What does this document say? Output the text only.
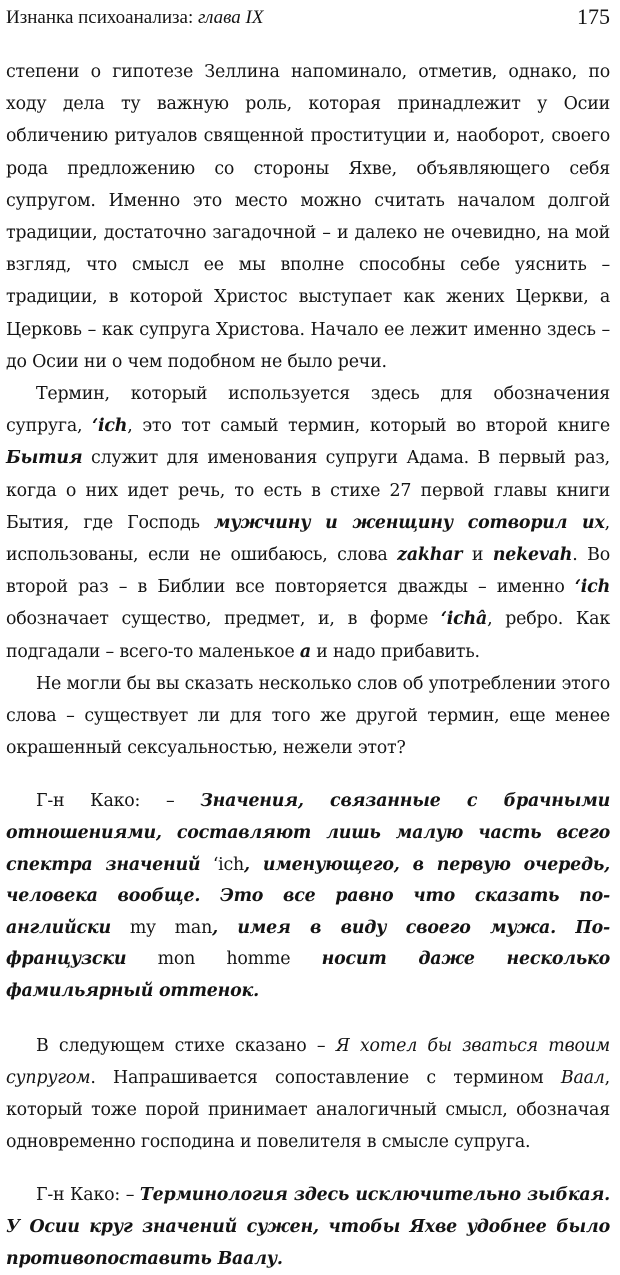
Изнанка психоанализа: глава IX	175

степени о гипотезе Зеллина напоминало, отметив, однако, по ходу дела ту важную роль, которая принадлежит у Осии обличению ритуалов священной проституции и, наоборот, своего рода предложению со стороны Яхве, объявляющего себя супругом. Именно это место можно считать началом долгой традиции, достаточно загадочной – и далеко не очевидно, на мой взгляд, что смысл ее мы вполне способны себе уяснить – традиции, в которой Христос выступает как жених Церкви, а Церковь – как супруга Христова. Начало ее лежит именно здесь – до Осии ни о чем подобном не было речи.

Термин, который используется здесь для обозначения супруга, ‘ich, это тот самый термин, который во второй книге Бытия служит для именования супруги Адама. В первый раз, когда о них идет речь, то есть в стихе 27 первой главы книги Бытия, где Господь мужчину и женщину сотворил их, использованы, если не ошибаюсь, слова zakhar и nekevah. Во второй раз – в Библии все повторяется дважды – именно ‘ich обозначает существо, предмет, и, в форме ‘ichâ, ребро. Как подгадали – всего-то маленькое a и надо прибавить.

Не могли бы вы сказать несколько слов об употреблении этого слова – существует ли для того же другой термин, еще менее окрашенный сексуальностью, нежели этот?

Г-н Како: – Значения, связанные с брачными отношениями, составляют лишь малую часть всего спектра значений ‘ich, именующего, в первую очередь, человека вообще. Это все равно что сказать по-английски my man, имея в виду своего мужа. По-французски mon homme носит даже несколько фамильярный оттенок.

В следующем стихе сказано – Я хотел бы зваться твоим супругом. Напрашивается сопоставление с термином Ваал, который тоже порой принимает аналогичный смысл, обозначая одновременно господина и повелителя в смысле супруга.

Г-н Како: – Терминология здесь исключительно зыбкая. У Осии круг значений сужен, чтобы Яхве удобнее было противопоставить Ваалу.
